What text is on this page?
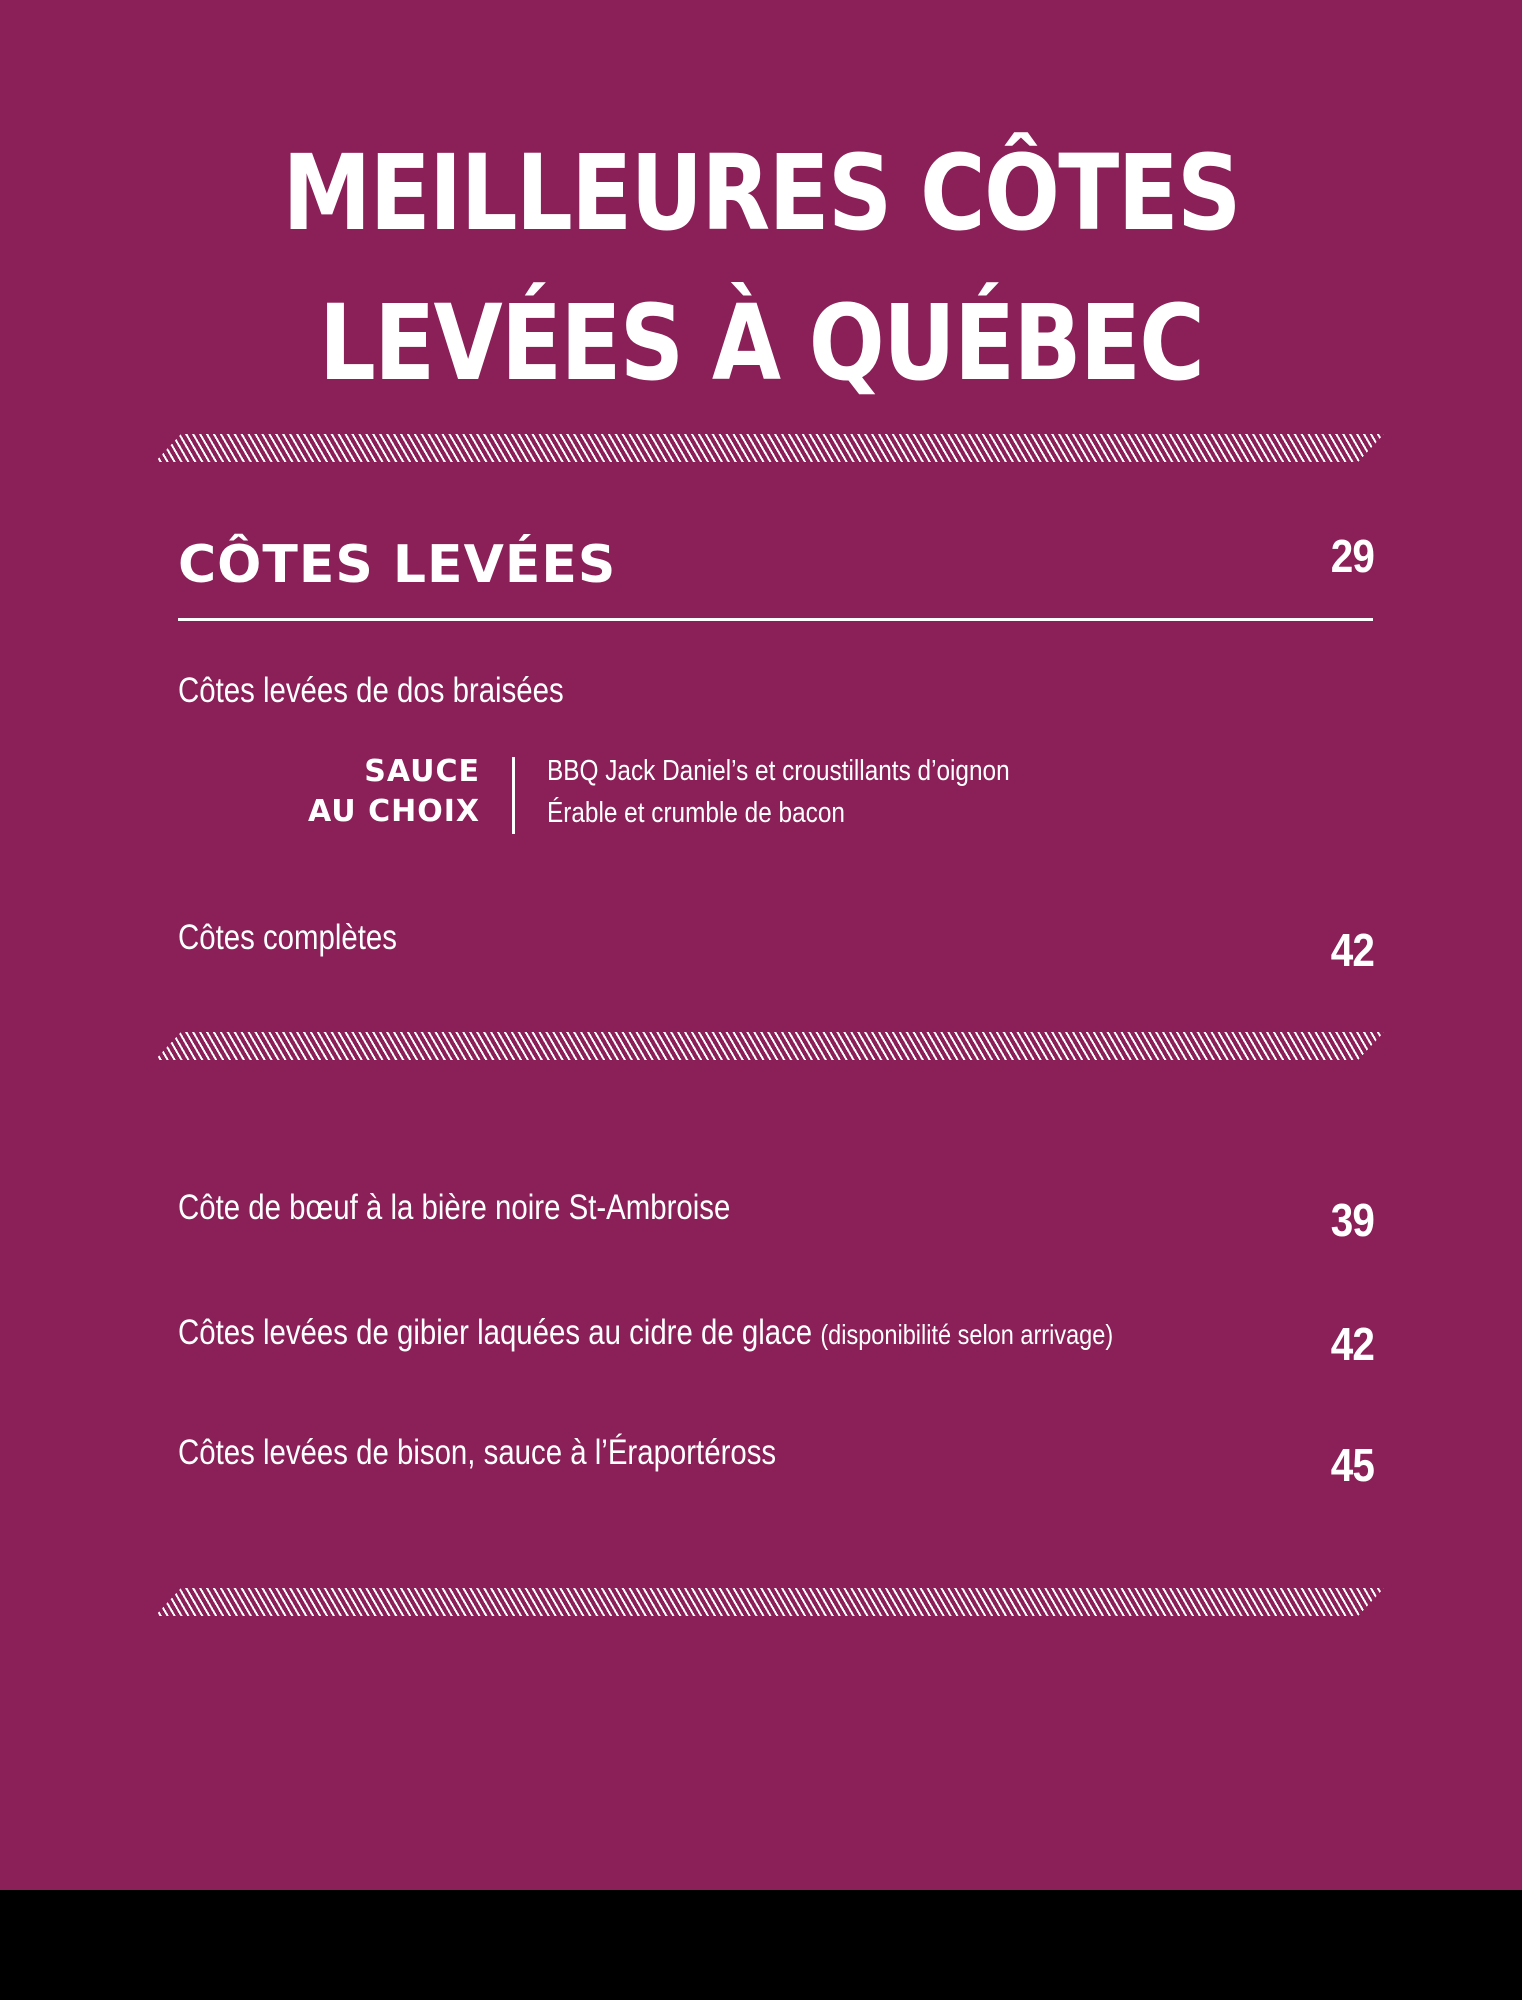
MEILLEURES CÔTES
LEVÉES À QUÉBEC
CÔTES LEVÉES	29
Côtes levées de dos braisées
SAUCE
AU CHOIX
BBQ Jack Daniel’s et croustillants d’oignon
Érable et crumble de bacon
Côtes complètes	42
Côte de bœuf à la bière noire St-Ambroise	39
Côtes levées de gibier laquées au cidre de glace (disponibilité selon arrivage)	42
Côtes levées de bison, sauce à l’Éraportéross	45
